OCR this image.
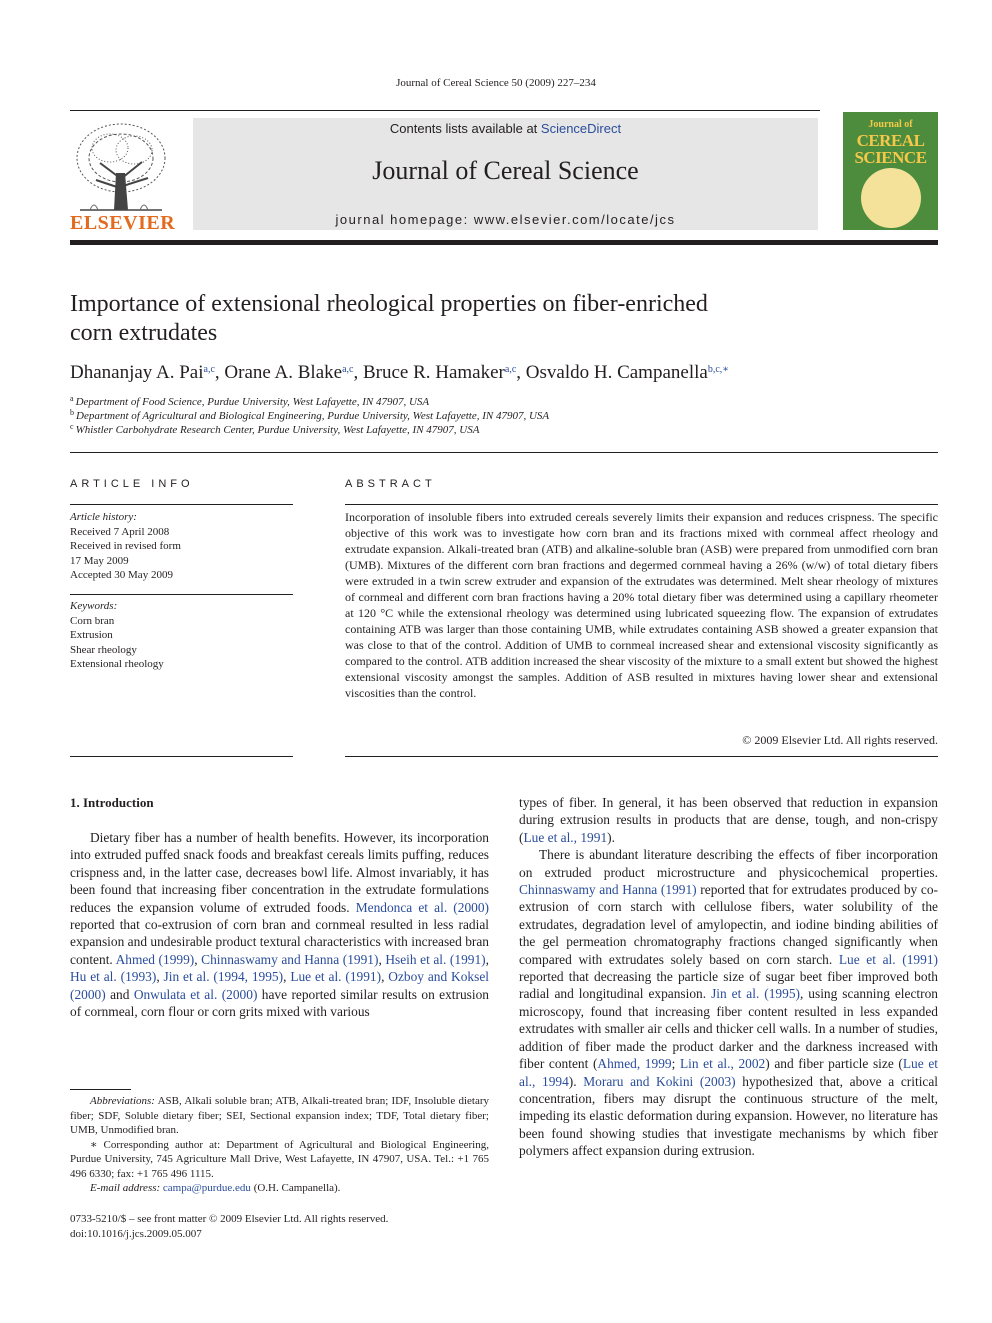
Journal of Cereal Science 50 (2009) 227–234
ELSEVIER
Contents lists available at ScienceDirect
Journal of Cereal Science
journal homepage: www.elsevier.com/locate/jcs
Journal of
CEREAL
SCIENCE
Importance of extensional rheological properties on fiber-enriched
corn extrudates
Dhananjay A. Pai$^{a,c}$, Orane A. Blake$^{a,c}$, Bruce R. Hamaker$^{a,c}$, Osvaldo H. Campanella$^{b,c,∗}$
$^a$ Department of Food Science, Purdue University, West Lafayette, IN 47907, USA
$^b$ Department of Agricultural and Biological Engineering, Purdue University, West Lafayette, IN 47907, USA
$^c$ Whistler Carbohydrate Research Center, Purdue University, West Lafayette, IN 47907, USA
ARTICLE INFO	ABSTRACT
Article history:
Received 7 April 2008
Received in revised form
17 May 2009
Accepted 30 May 2009
Keywords:
Corn bran
Extrusion
Shear rheology
Extensional rheology
Incorporation of insoluble fibers into extruded cereals severely limits their expansion and reduces crispness. The specific objective of this work was to investigate how corn bran and its fractions mixed with cornmeal affect rheology and extrudate expansion. Alkali-treated bran (ATB) and alkaline-soluble bran (ASB) were prepared from unmodified corn bran (UMB). Mixtures of the different corn bran fractions and degermed cornmeal having a 26% (w/w) of total dietary fibers were extruded in a twin screw extruder and expansion of the extrudates was determined. Melt shear rheology of mixtures of cornmeal and different corn bran fractions having a 20% total dietary fiber was determined using a capillary rheometer at 120 °C while the extensional rheology was determined using lubricated squeezing flow. The expansion of extrudates containing ATB was larger than those containing UMB, while extrudates containing ASB showed a greater expansion that was close to that of the control. Addition of UMB to cornmeal increased shear and extensional viscosity significantly as compared to the control. ATB addition increased the shear viscosity of the mixture to a small extent but showed the highest extensional viscosity amongst the samples. Addition of ASB resulted in mixtures having lower shear and extensional viscosities than the control.
© 2009 Elsevier Ltd. All rights reserved.
1. Introduction

Dietary fiber has a number of health benefits. However, its incorporation into extruded puffed snack foods and breakfast cereals limits puffing, reduces crispness and, in the latter case, decreases bowl life. Almost invariably, it has been found that increasing fiber concentration in the extrudate formulations reduces the expansion volume of extruded foods. Mendonca et al. (2000) reported that co-extrusion of corn bran and cornmeal resulted in less radial expansion and undesirable product textural characteristics with increased bran content. Ahmed (1999), Chinnaswamy and Hanna (1991), Hseih et al. (1991), Hu et al. (1993), Jin et al. (1994, 1995), Lue et al. (1991), Ozboy and Koksel (2000) and Onwulata et al. (2000) have reported similar results on extrusion of cornmeal, corn flour or corn grits mixed with various

types of fiber. In general, it has been observed that reduction in expansion during extrusion results in products that are dense, tough, and non-crispy (Lue et al., 1991).

There is abundant literature describing the effects of fiber incorporation on extruded product microstructure and physicochemical properties. Chinnaswamy and Hanna (1991) reported that for extrudates produced by co-extrusion of corn starch with cellulose fibers, water solubility of the extrudates, degradation level of amylopectin, and iodine binding abilities of the gel permeation chromatography fractions changed significantly when compared with extrudates solely based on corn starch. Lue et al. (1991) reported that decreasing the particle size of sugar beet fiber improved both radial and longitudinal expansion. Jin et al. (1995), using scanning electron microscopy, found that increasing fiber content resulted in less expanded extrudates with smaller air cells and thicker cell walls. In a number of studies, addition of fiber made the product darker and the darkness increased with fiber content (Ahmed, 1999; Lin et al., 2002) and fiber particle size (Lue et al., 1994). Moraru and Kokini (2003) hypothesized that, above a critical concentration, fibers may disrupt the continuous structure of the melt, impeding its elastic deformation during expansion. However, no literature has been found showing studies that investigate mechanisms by which fiber polymers affect expansion during extrusion.

Abbreviations: ASB, Alkali soluble bran; ATB, Alkali-treated bran; IDF, Insoluble dietary fiber; SDF, Soluble dietary fiber; SEI, Sectional expansion index; TDF, Total dietary fiber; UMB, Unmodified bran.

∗ Corresponding author at: Department of Agricultural and Biological Engineering, Purdue University, 745 Agriculture Mall Drive, West Lafayette, IN 47907, USA. Tel.: +1 765 496 6330; fax: +1 765 496 1115.

E-mail address: campa@purdue.edu (O.H. Campanella).

0733-5210/$ – see front matter © 2009 Elsevier Ltd. All rights reserved.
doi:10.1016/j.jcs.2009.05.007
